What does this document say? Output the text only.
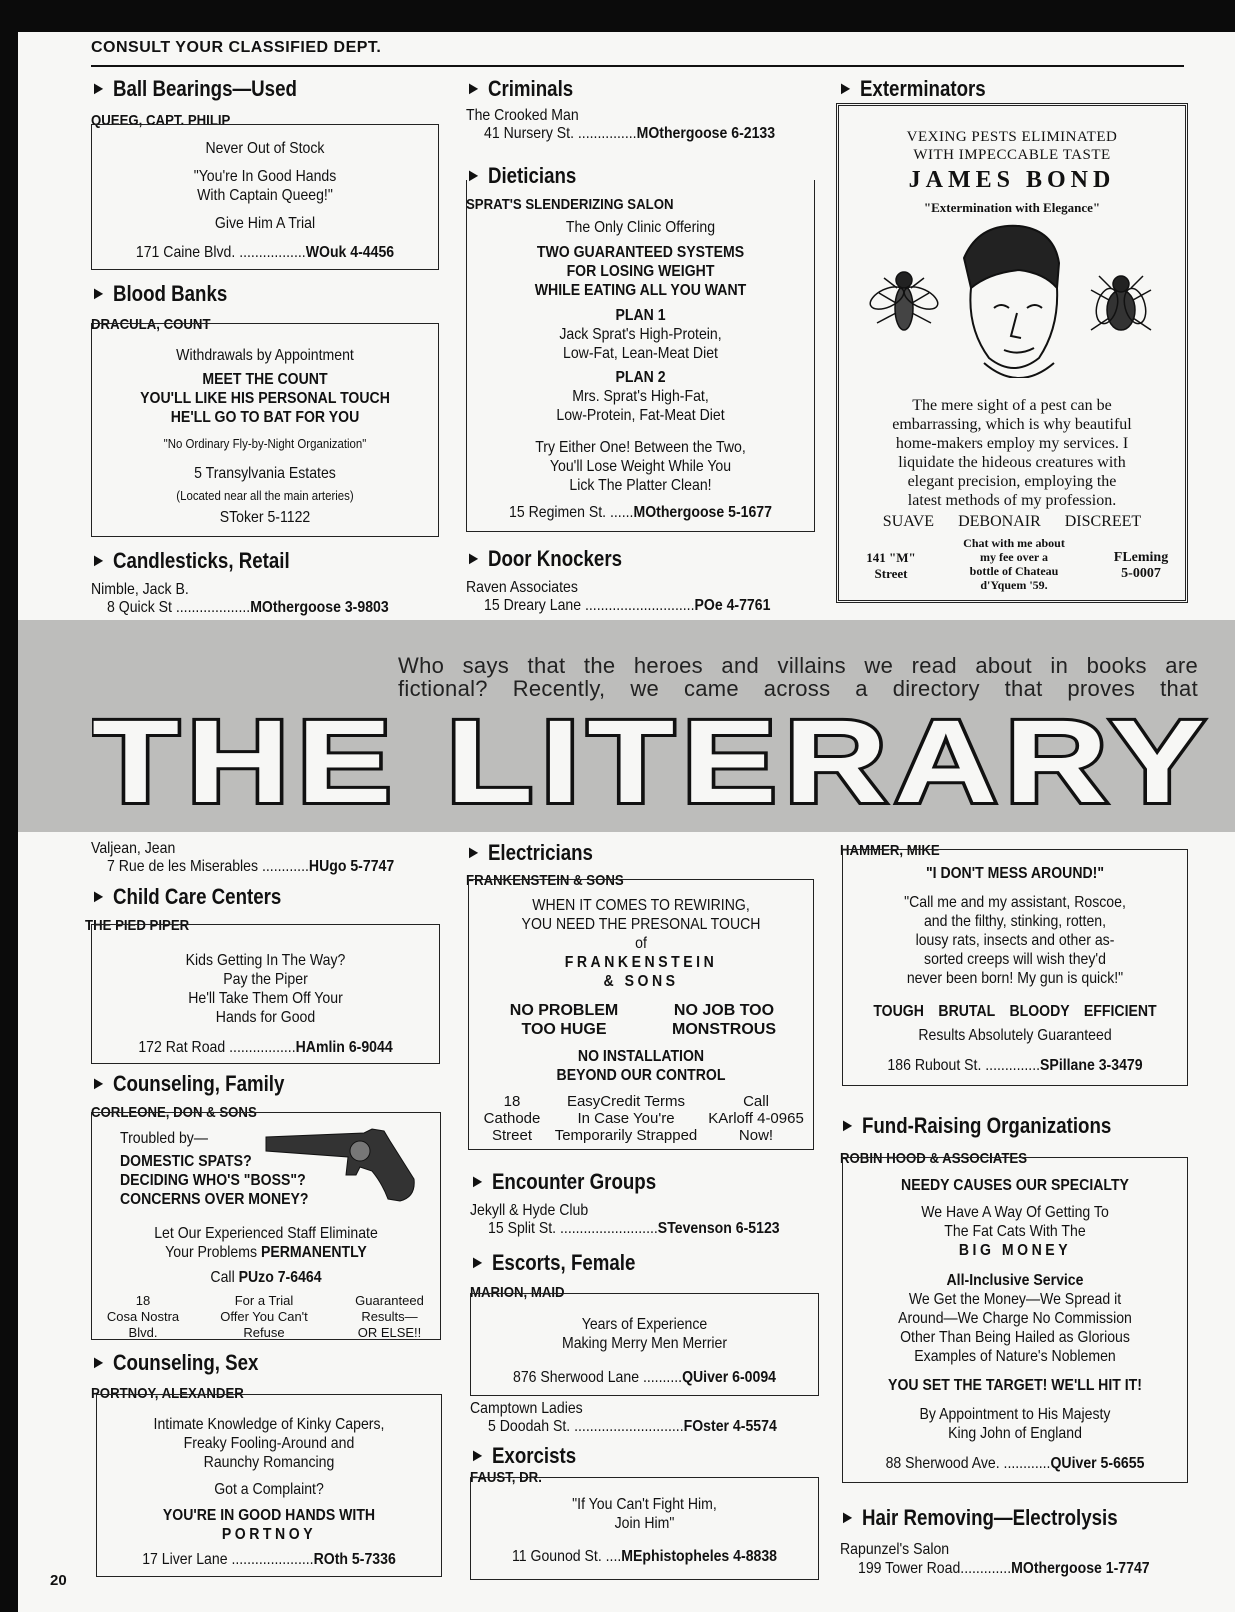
CONSULT YOUR CLASSIFIED DEPT.
► Ball Bearings—Used
QUEEG, CAPT. PHILIP
Never Out of Stock
"You're In Good Hands
With Captain Queeg!"
Give Him A Trial
171 Caine Blvd. .................WOuk 4-4456
► Blood Banks
DRACULA, COUNT
Withdrawals by Appointment
MEET THE COUNT
YOU'LL LIKE HIS PERSONAL TOUCH
HE'LL GO TO BAT FOR YOU
"No Ordinary Fly-by-Night Organization"
5 Transylvania Estates
(Located near all the main arteries)
SToker 5-1122
► Candlesticks, Retail
Nimble, Jack B.
8 Quick St ...................MOthergoose 3-9803
► Criminals
The Crooked Man
41 Nursery St. ...............MOthergoose 6-2133
► Dieticians
SPRAT'S SLENDERIZING SALON
The Only Clinic Offering
TWO GUARANTEED SYSTEMS
FOR LOSING WEIGHT
WHILE EATING ALL YOU WANT
PLAN 1
Jack Sprat's High-Protein,
Low-Fat, Lean-Meat Diet
PLAN 2
Mrs. Sprat's High-Fat,
Low-Protein, Fat-Meat Diet
Try Either One! Between the Two,
You'll Lose Weight While You
Lick The Platter Clean!
15 Regimen St. ......MOthergoose 5-1677
► Door Knockers
Raven Associates
15 Dreary Lane ............................POe 4-7761
► Exterminators
VEXING PESTS ELIMINATED
WITH IMPECCABLE TASTE
JAMES BOND
"Extermination with Elegance"
The mere sight of a pest can be
embarrassing, which is why beautiful
home-makers employ my services. I
liquidate the hideous creatures with
elegant precision, employing the
latest methods of my profession.
SUAVE DEBONAIR DISCREET
141 "M"
Street
Chat with me about
my fee over a
bottle of Chateau
d'Yquem '59.
FLeming
5-0007
Who says that the heroes and villains we read about in books are
fictional? Recently, we came across a directory that proves that
THE LITERARY
Valjean, Jean
7 Rue de les Miserables ............HUgo 5-7747
► Child Care Centers
THE PIED PIPER
Kids Getting In The Way?
Pay the Piper
He'll Take Them Off Your
Hands for Good
172 Rat Road .................HAmlin 6-9044
► Counseling, Family
CORLEONE, DON & SONS
Troubled by—
DOMESTIC SPATS?
DECIDING WHO'S "BOSS"?
CONCERNS OVER MONEY?
Let Our Experienced Staff Eliminate
Your Problems PERMANENTLY
Call PUzo 7-6464
18
Cosa Nostra
Blvd.
For a Trial
Offer You Can't
Refuse
Guaranteed
Results—
OR ELSE!!
► Counseling, Sex
PORTNOY, ALEXANDER
Intimate Knowledge of Kinky Capers,
Freaky Fooling-Around and
Raunchy Romancing
Got a Complaint?
YOU'RE IN GOOD HANDS WITH
PORTNOY
17 Liver Lane .....................ROth 5-7336
► Electricians
FRANKENSTEIN & SONS
WHEN IT COMES TO REWIRING,
YOU NEED THE PRESONAL TOUCH
of
FRANKENSTEIN
& SONS
NO PROBLEM
TOO HUGE
NO JOB TOO
MONSTROUS
NO INSTALLATION
BEYOND OUR CONTROL
18
Cathode
Street
EasyCredit Terms
In Case You're
Temporarily Strapped
Call
KArloff 4-0965
Now!
► Encounter Groups
Jekyll & Hyde Club
15 Split St. .........................STevenson 6-5123
► Escorts, Female
MARION, MAID
Years of Experience
Making Merry Men Merrier
876 Sherwood Lane ..........QUiver 6-0094
Camptown Ladies
5 Doodah St. ............................FOster 4-5574
► Exorcists
FAUST, DR.
"If You Can't Fight Him,
Join Him"
11 Gounod St. ....MEphistopheles 4-8838
HAMMER, MIKE
"I DON'T MESS AROUND!"
"Call me and my assistant, Roscoe,
and the filthy, stinking, rotten,
lousy rats, insects and other as-
sorted creeps will wish they'd
never been born! My gun is quick!"
TOUGH BRUTAL BLOODY EFFICIENT
Results Absolutely Guaranteed
186 Rubout St. ..............SPillane 3-3479
► Fund-Raising Organizations
ROBIN HOOD & ASSOCIATES
NEEDY CAUSES OUR SPECIALTY
We Have A Way Of Getting To
The Fat Cats With The
BIG MONEY
All-Inclusive Service
We Get the Money—We Spread it
Around—We Charge No Commission
Other Than Being Hailed as Glorious
Examples of Nature's Noblemen
YOU SET THE TARGET! WE'LL HIT IT!
By Appointment to His Majesty
King John of England
88 Sherwood Ave. ............QUiver 5-6655
► Hair Removing—Electrolysis
Rapunzel's Salon
199 Tower Road.............MOthergoose 1-7747
20
